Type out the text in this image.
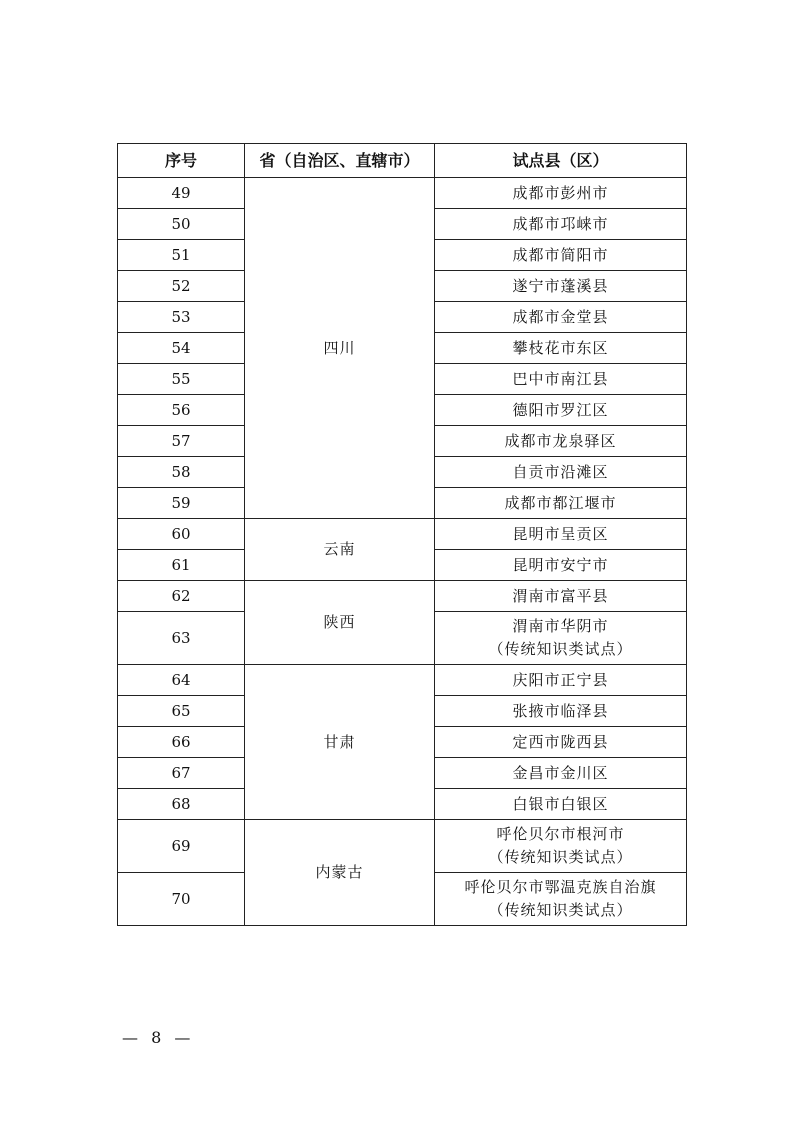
序号	省（自治区、直辖市）	试点县（区）
49	四川	成都市彭州市

50		成都市邛崃市

51		成都市简阳市

52		遂宁市蓬溪县

53		成都市金堂县

54		攀枝花市东区

55		巴中市南江县

56		德阳市罗江区

57		成都市龙泉驿区

58		自贡市沿滩区

59		成都市都江堰市

60	云南	昆明市呈贡区

61		昆明市安宁市

62	陕西	渭南市富平县

63		渭南市华阴市
（传统知识类试点）

64	甘肃	庆阳市正宁县

65		张掖市临泽县

66		定西市陇西县

67		金昌市金川区

68		白银市白银区

69	内蒙古	呼伦贝尔市根河市
（传统知识类试点）

70		呼伦贝尔市鄂温克族自治旗
（传统知识类试点）
— 8 —
